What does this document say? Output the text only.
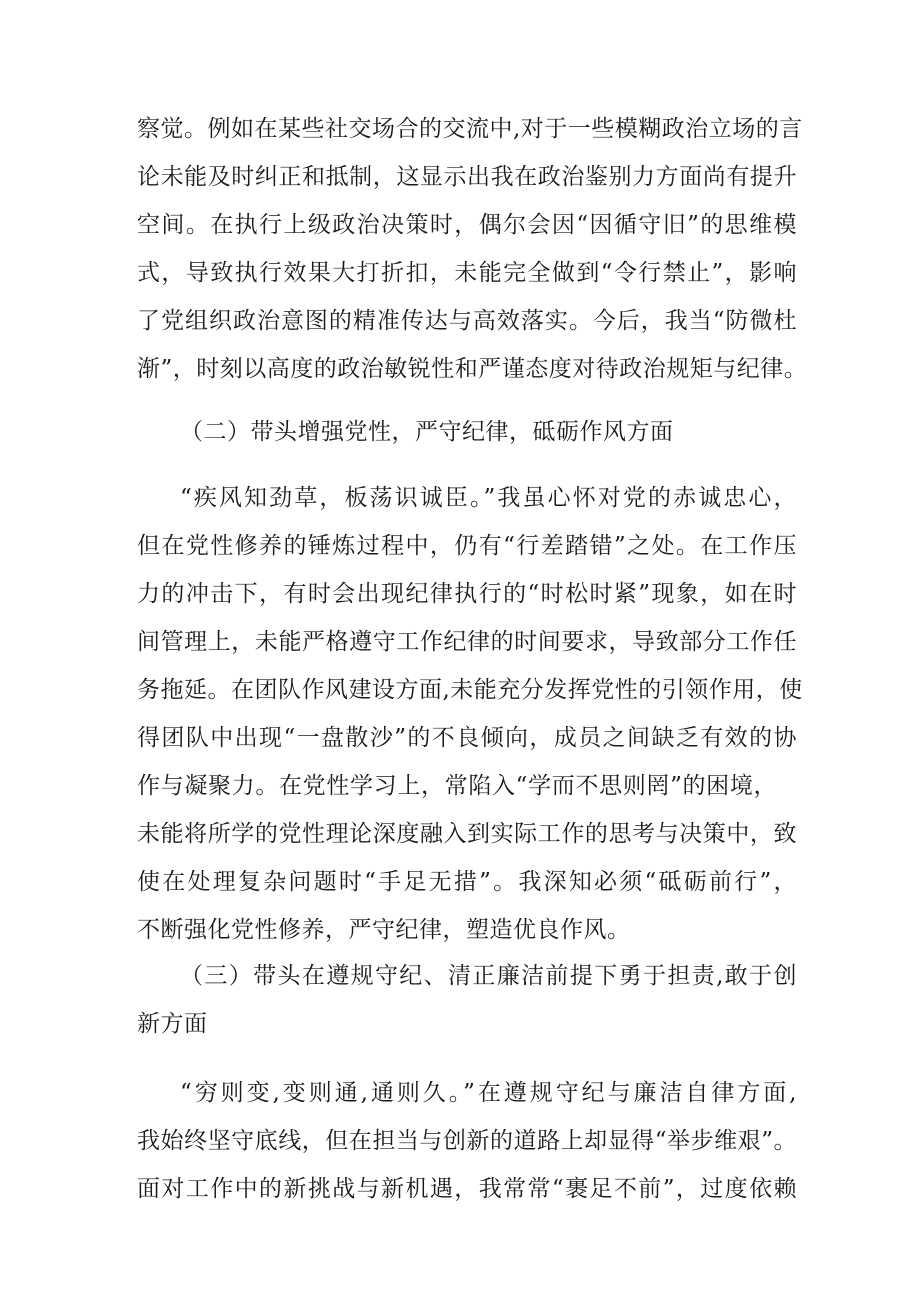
察觉。例如在某些社交场合的交流中,对于一些模糊政治立场的言

论未能及时纠正和抵制，这显示出我在政治鉴别力方面尚有提升

空间。在执行上级政治决策时，偶尔会因“因循守旧”的思维模

式，导致执行效果大打折扣，未能完全做到“令行禁止”，影响

了党组织政治意图的精准传达与高效落实。今后，我当“防微杜

渐”，时刻以高度的政治敏锐性和严谨态度对待政治规矩与纪律。

（二）带头增强党性，严守纪律，砥砺作风方面

“疾风知劲草，板荡识诚臣。”我虽心怀对党的赤诚忠心，

但在党性修养的锤炼过程中，仍有“行差踏错”之处。在工作压

力的冲击下，有时会出现纪律执行的“时松时紧”现象，如在时

间管理上，未能严格遵守工作纪律的时间要求，导致部分工作任

务拖延。在团队作风建设方面,未能充分发挥党性的引领作用，使

得团队中出现“一盘散沙”的不良倾向，成员之间缺乏有效的协

作与凝聚力。在党性学习上，常陷入“学而不思则罔”的困境，

未能将所学的党性理论深度融入到实际工作的思考与决策中，致

使在处理复杂问题时“手足无措”。我深知必须“砥砺前行”，

不断强化党性修养，严守纪律，塑造优良作风。

（三）带头在遵规守纪、清正廉洁前提下勇于担责,敢于创

新方面

“穷则变,变则通,通则久。”在遵规守纪与廉洁自律方面,

我始终坚守底线，但在担当与创新的道路上却显得“举步维艰”。

面对工作中的新挑战与新机遇，我常常“裹足不前”，过度依赖
